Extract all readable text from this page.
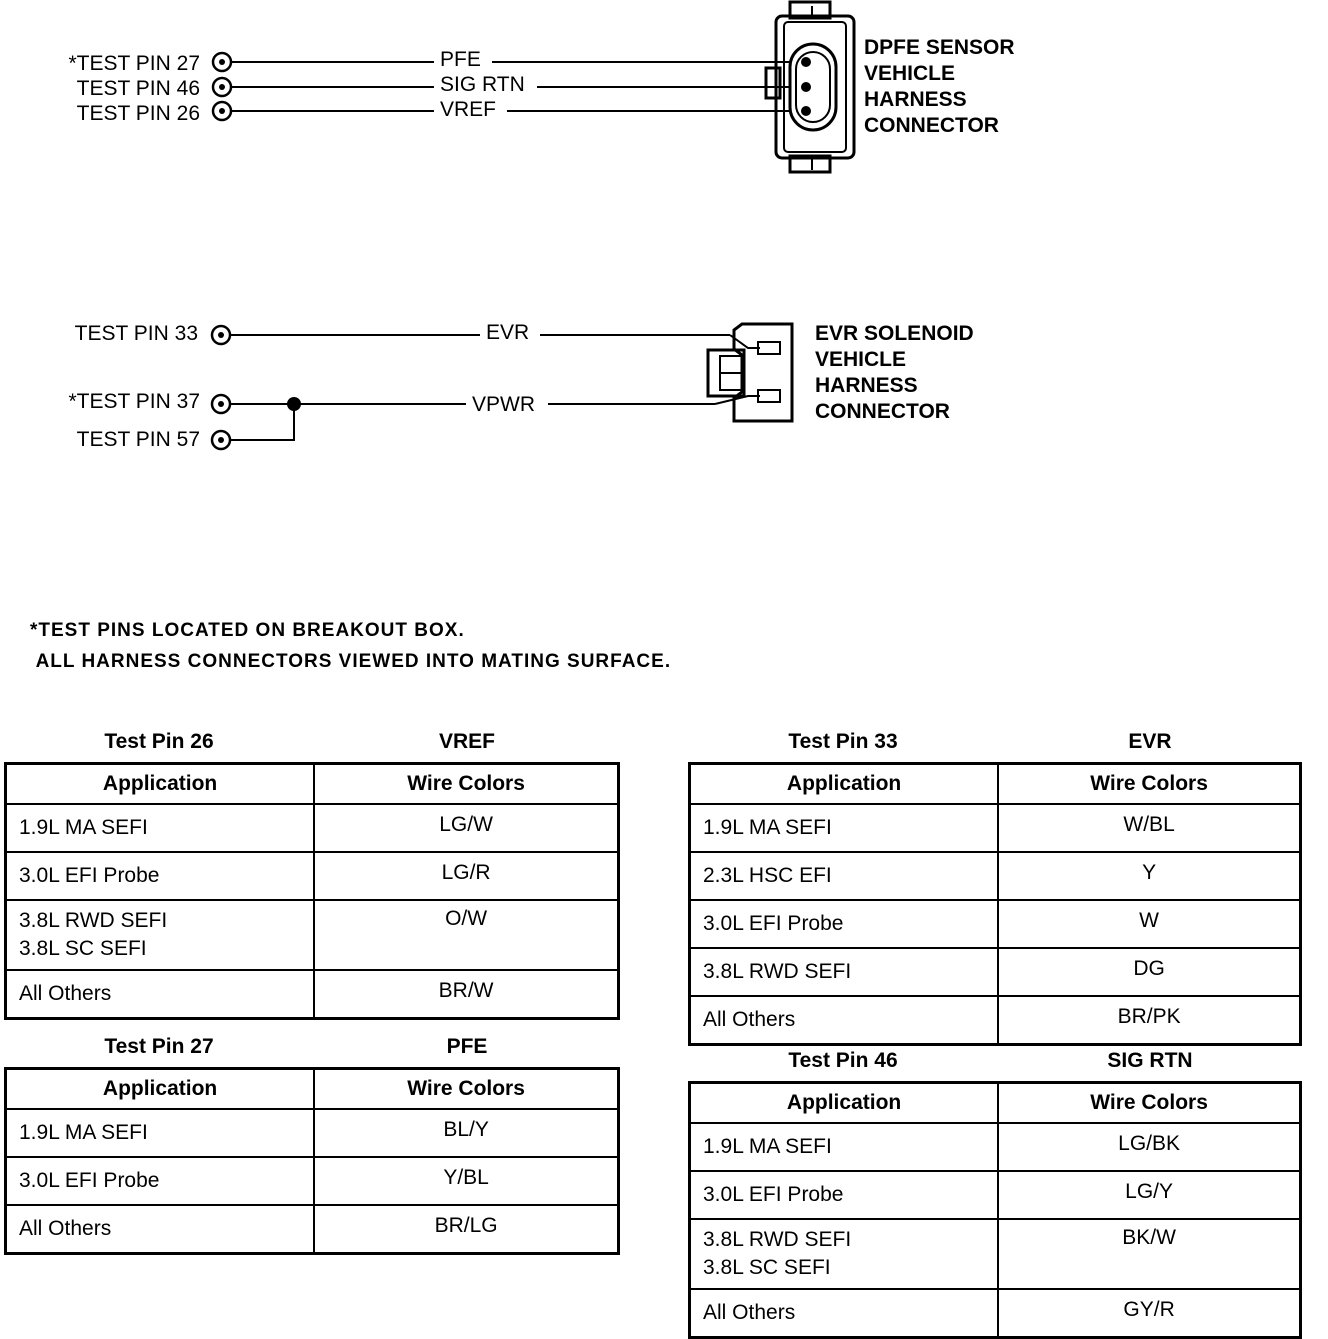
*TEST PIN 27
TEST PIN 46
TEST PIN 26
PFE
SIG RTN
VREF
DPFE SENSOR
VEHICLE
HARNESS
CONNECTOR
TEST PIN 33
*TEST PIN 37
TEST PIN 57
EVR
VPWR
EVR SOLENOID
VEHICLE
HARNESS
CONNECTOR
*TEST PINS LOCATED ON BREAKOUT BOX.
ALL HARNESS CONNECTORS VIEWED INTO MATING SURFACE.
Test Pin 26	VREF
Application	Wire Colors
1.9L MA SEFI	LG/W
3.0L EFI Probe	LG/R
3.8L RWD SEFI
3.8L SC SEFI	O/W
All Others	BR/W
Test Pin 27	PFE
Application	Wire Colors
1.9L MA SEFI	BL/Y
3.0L EFI Probe	Y/BL
All Others	BR/LG
Test Pin 33	EVR
Application	Wire Colors
1.9L MA SEFI	W/BL
2.3L HSC EFI	Y
3.0L EFI Probe	W
3.8L RWD SEFI	DG
All Others	BR/PK
Test Pin 46	SIG RTN
Application	Wire Colors
1.9L MA SEFI	LG/BK
3.0L EFI Probe	LG/Y
3.8L RWD SEFI
3.8L SC SEFI	BK/W
All Others	GY/R
